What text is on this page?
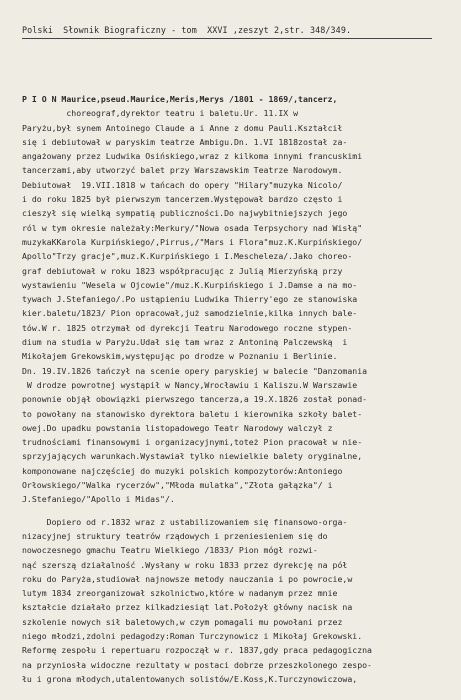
Polski  Słownik Biograficzny - tom  XXVI ,zeszyt 2,str. 348/349.
P I O N Maurice,pseud.Maurice,Meris,Merys /1801 - 1869/,tancerz,
choreograf,dyrektor teatru i baletu.Ur. 11.IX w
Paryżu,był synem Antoinego Claude a i Anne z domu Pauli.Kształcił
się i debiutował w paryskim teatrze Ambigu.Dn. 1.VI 1818został za-
angażowany przez Ludwika Osińskiego,wraz z kilkoma innymi francuskimi
tancerzami,aby utworzyć balet przy Warszawskim Teatrze Narodowym.
Debiutował  19.VII.1818 w tańcach do opery "Hilary"muzyka Nicolo/
i do roku 1825 był pierwszym tancerzem.Występował bardzo często i
cieszył się wielką sympatią publiczności.Do najwybitniejszych jego
ról w tym okresie należały:Merkury/"Nowa osada Terpsychory nad Wisłą"
muzykaKKarola Kurpińskiego/,Pirrus,/"Mars i Flora"muz.K.Kurpińskiego/
Apollo"Trzy gracje",muz.K.Kurpińskiego i I.Mescheleza/.Jako choreo-
graf debiutował w roku 1823 współpracując z Julią Mierzyńską przy
wystawieniu "Wesela w Ojcowie"/muz.K.Kurpińskiego i J.Damse a na mo-
tywach J.Stefaniego/.Po ustąpieniu Ludwika Thierry'ego ze stanowiska
kier.baletu/1823/ Pion opracował,już samodzielnie,kilka innych bale-
tów.W r. 1825 otrzymał od dyrekcji Teatru Narodowego roczne stypen-
dium na studia w Paryżu.Udał się tam wraz z Antoniną Palczewską  i
Mikołajem Grekowskim,występując po drodze w Poznaniu i Berlinie.
Dn. 19.IV.1826 tańczył na scenie opery paryskiej w balecie "Danzomania
W drodze powrotnej wystąpił w Nancy,Wrocławiu i Kaliszu.W Warszawie
ponownie objął obowiązki pierwszego tancerza,a 19.X.1826 został ponad-
to powołany na stanowisko dyrektora baletu i kierownika szkoły balet-
owej.Do upadku powstania listopadowego Teatr Narodowy walczył z
trudnościami finansowymi i organizacyjnymi,toteż Pion pracował w nie-
sprzyjających warunkach.Wystawiał tylko niewielkie balety oryginalne,
komponowane najczęściej do muzyki polskich kompozytorów:Antoniego
Orłowskiego/"Walka rycerzów","Młoda mulatka","Złota gałązka"/ i
J.Stefaniego/"Apollo i Midas"/.
Dopiero od r.1832 wraz z ustabilizowaniem się finansowo-orga-
nizacyjnej struktury teatrów rządowych i przeniesieniem się do
nowoczesnego gmachu Teatru Wielkiego /1833/ Pion mógł rozwi-
nąć szerszą działalność .Wysłany w roku 1833 przez dyrekcję na pół
roku do Paryża,studiował najnowsze metody nauczania i po powrocie,w
lutym 1834 zreorganizował szkolnictwo,które w nadanym przez mnie
kształcie działało przez kilkadziesiąt lat.Położył główny nacisk na
szkolenie nowych sił baletowych,w czym pomagali mu powołani przez
niego młodzi,zdolni pedagodzy:Roman Turczynowicz i Mikołaj Grekowski.
Reformę zespołu i repertuaru rozpoczął w r. 1837,gdy praca pedagogiczna
na przyniosła widoczne rezultaty w postaci dobrze przeszkolonego zespo-
łu i grona młodych,utalentowanych solistów/E.Koss,K.Turczynowiczowa,
